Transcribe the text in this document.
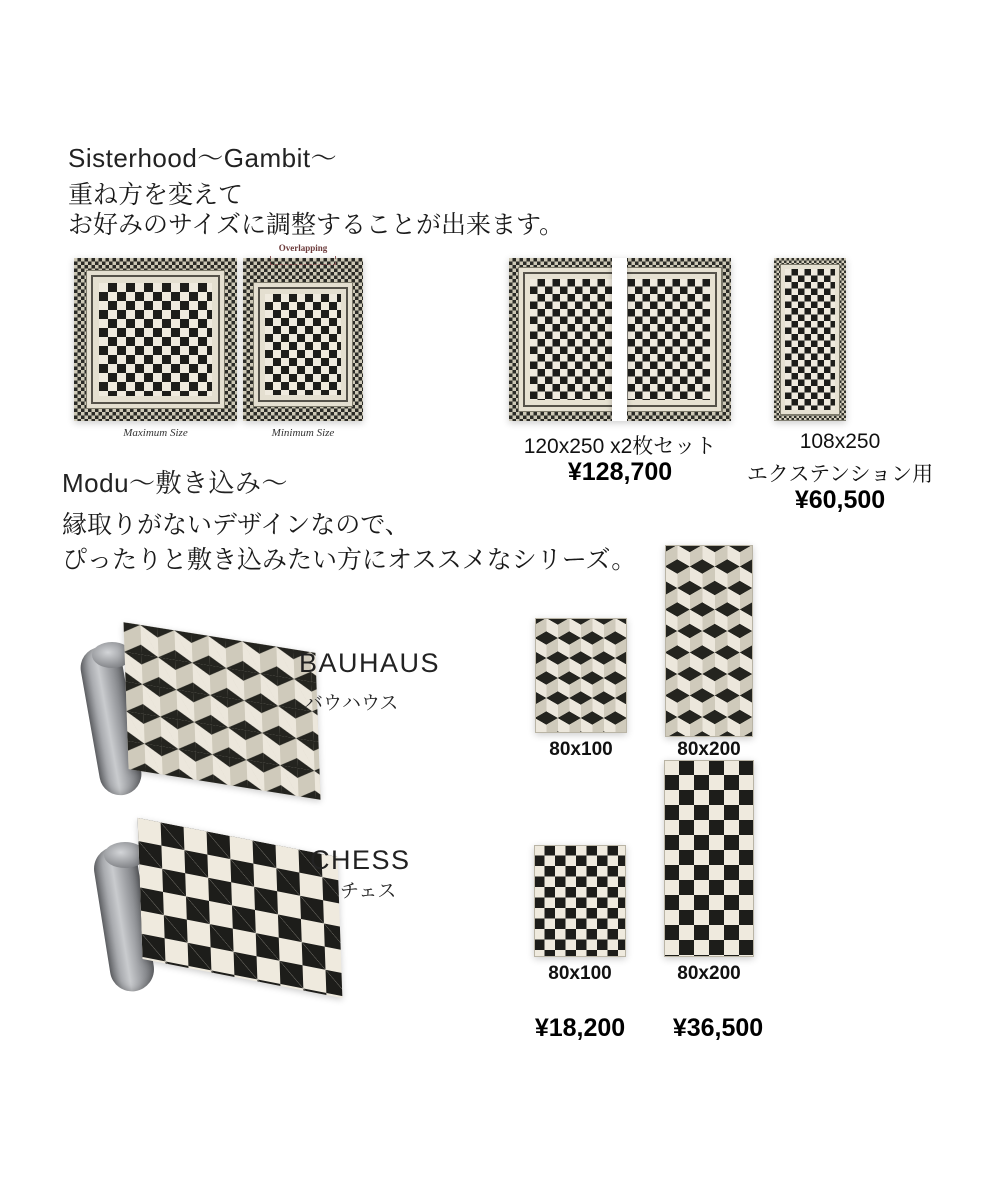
Sisterhood〜Gambit〜
重ね方を変えて
お好みのサイズに調整することが出来ます。
Maximum Size
Overlapping
Minimum Size
120x250 x2枚セット
¥128,700
108x250
エクステンション用
¥60,500
Modu〜敷き込み〜
縁取りがないデザインなので、
ぴったりと敷き込みたい方にオススメなシリーズ。
BAUHAUS
バウハウス
80x100	80x200
CHESS
チェス
80x100	80x200
¥18,200	¥36,500
